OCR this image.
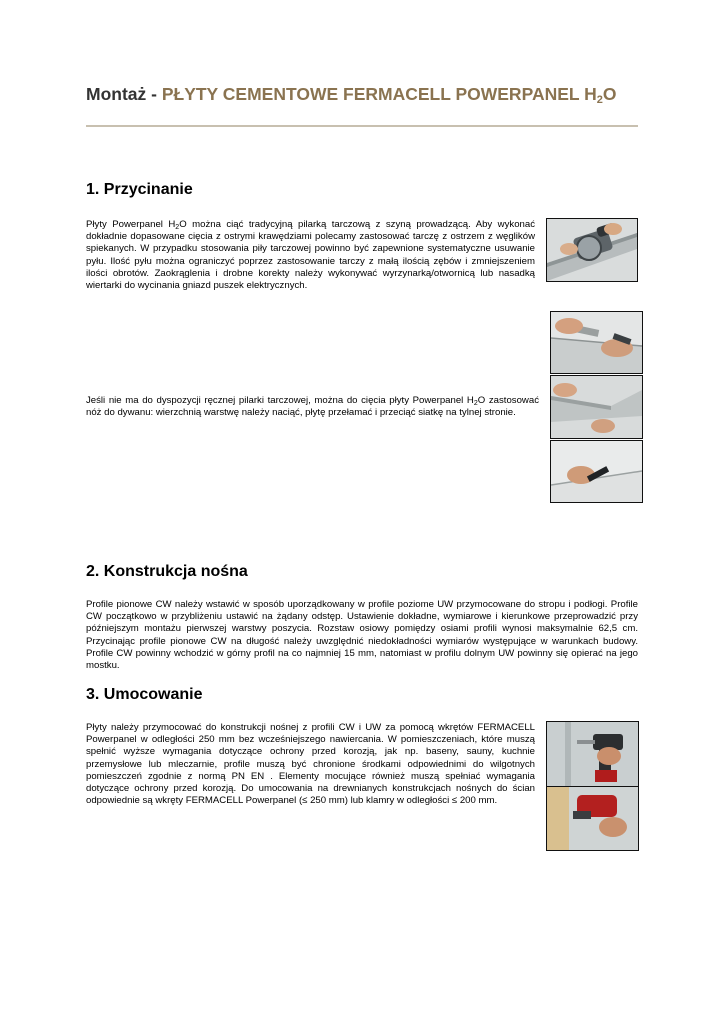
Montaż - PŁYTY CEMENTOWE FERMACELL POWERPANEL $H_2O$
1. Przycinanie

Płyty Powerpanel $H_2O$ można ciąć tradycyjną pilarką tarczową z szyną prowadzącą. Aby wykonać dokładnie dopasowane cięcia z ostrymi krawędziami polecamy zastosować tarczę z ostrzem z węglików spiekanych. W przypadku stosowania piły tarczowej powinno być zapewnione systematyczne usuwanie pyłu. Ilość pyłu można ograniczyć poprzez zastosowanie tarczy z małą ilością zębów i zmniejszeniem ilości obrotów. Zaokrąglenia i drobne korekty należy wykonywać wyrzynarką/otwornicą lub nasadką wiertarki do wycinania gniazd puszek elektrycznych.

Jeśli nie ma do dyspozycji ręcznej pilarki tarczowej, można do cięcia płyty Powerpanel $H_2O$ zastosować nóż do dywanu: wierzchnią warstwę należy naciąć, płytę przełamać i przeciąć siatkę na tylnej stronie.

2. Konstrukcja nośna

Profile pionowe CW należy wstawić w sposób uporządkowany w profile poziome UW przymocowane do stropu i podłogi. Profile CW początkowo w przybliżeniu ustawić na żądany odstęp. Ustawienie dokładne, wymiarowe i kierunkowe przeprowadzić przy późniejszym montażu pierwszej warstwy poszycia. Rozstaw osiowy pomiędzy osiami profili wynosi maksymalnie 62,5 cm. Przycinając profile pionowe CW na długość należy uwzględnić niedokładności wymiarów występujące w warunkach budowy. Profile CW powinny wchodzić w górny profil na co najmniej 15 mm, natomiast w profilu dolnym UW powinny się opierać na jego mostku.

3. Umocowanie

Płyty należy przymocować do konstrukcji nośnej z profili CW i UW za pomocą wkrętów FERMACELL Powerpanel w odległości 250 mm bez wcześniejszego nawiercania. W pomieszczeniach, które muszą spełnić wyższe wymagania dotyczące ochrony przed korozją, jak np. baseny, sauny, kuchnie przemysłowe lub mleczarnie, profile muszą być chronione środkami odpowiednimi do wilgotnych pomieszczeń zgodnie z normą PN EN . Elementy mocujące również muszą spełniać wymagania dotyczące ochrony przed korozją. Do umocowania na drewnianych konstrukcjach nośnych do ścian odpowiednie są wkręty FERMACELL Powerpanel (≤ 250 mm) lub klamry w odległości ≤ 200 mm.
